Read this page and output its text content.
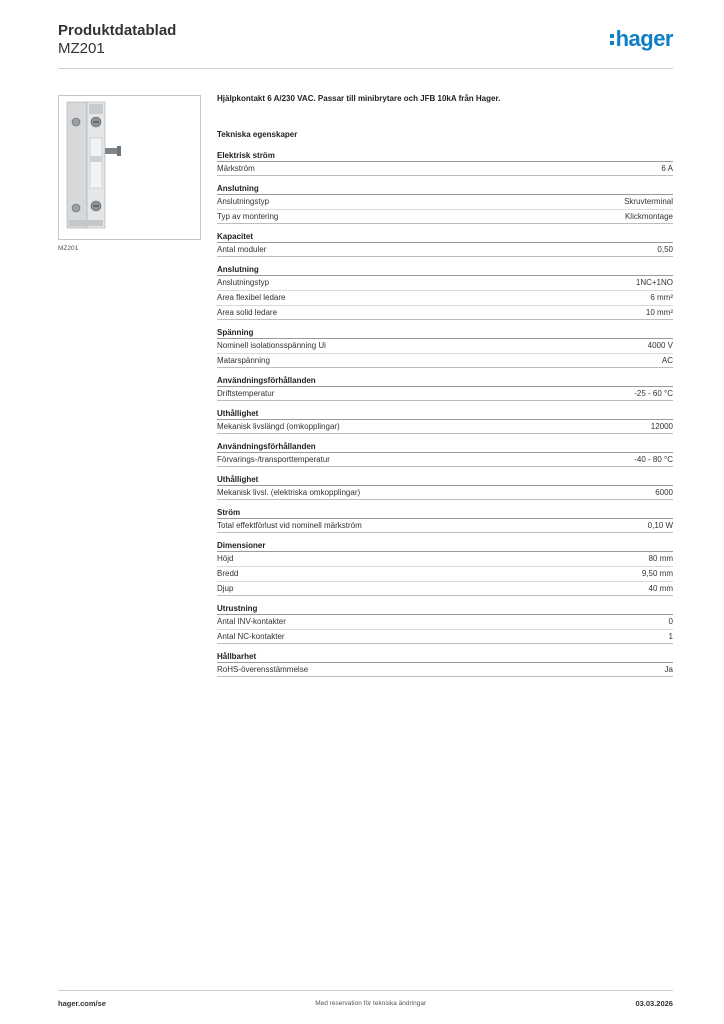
Produktdatablad
MZ201	hager
MZ201
Hjälpkontakt 6 A/230 VAC. Passar till minibrytare och JFB 10kA från Hager.
Tekniska egenskaper
Elektrisk ström
Märkström	6 A
Anslutning
Anslutningstyp	Skruvterminal
Typ av montering	Klickmontage
Kapacitet
Antal moduler	0,50
Anslutning
Anslutningstyp	1NC+1NO
Area flexibel ledare	6 mm²
Area solid ledare	10 mm²
Spänning
Nominell isolationsspänning Ui	4000 V
Matarspänning	AC
Användningsförhållanden
Driftstemperatur	-25 - 60 °C
Uthållighet
Mekanisk livslängd (omkopplingar)	12000
Användningsförhållanden
Förvarings-/transporttemperatur	-40 - 80 °C
Uthållighet
Mekanisk livsl. (elektriska omkopplingar)	6000
Ström
Total effektförlust vid nominell märkström	0,10 W
Dimensioner
Höjd	80 mm
Bredd	9,50 mm
Djup	40 mm
Utrustning
Antal INV-kontakter	0
Antal NC-kontakter	1
Hållbarhet
RoHS-överensstämmelse	Ja
hager.com/se	Med reservation för tekniska ändringar	03.03.2026
